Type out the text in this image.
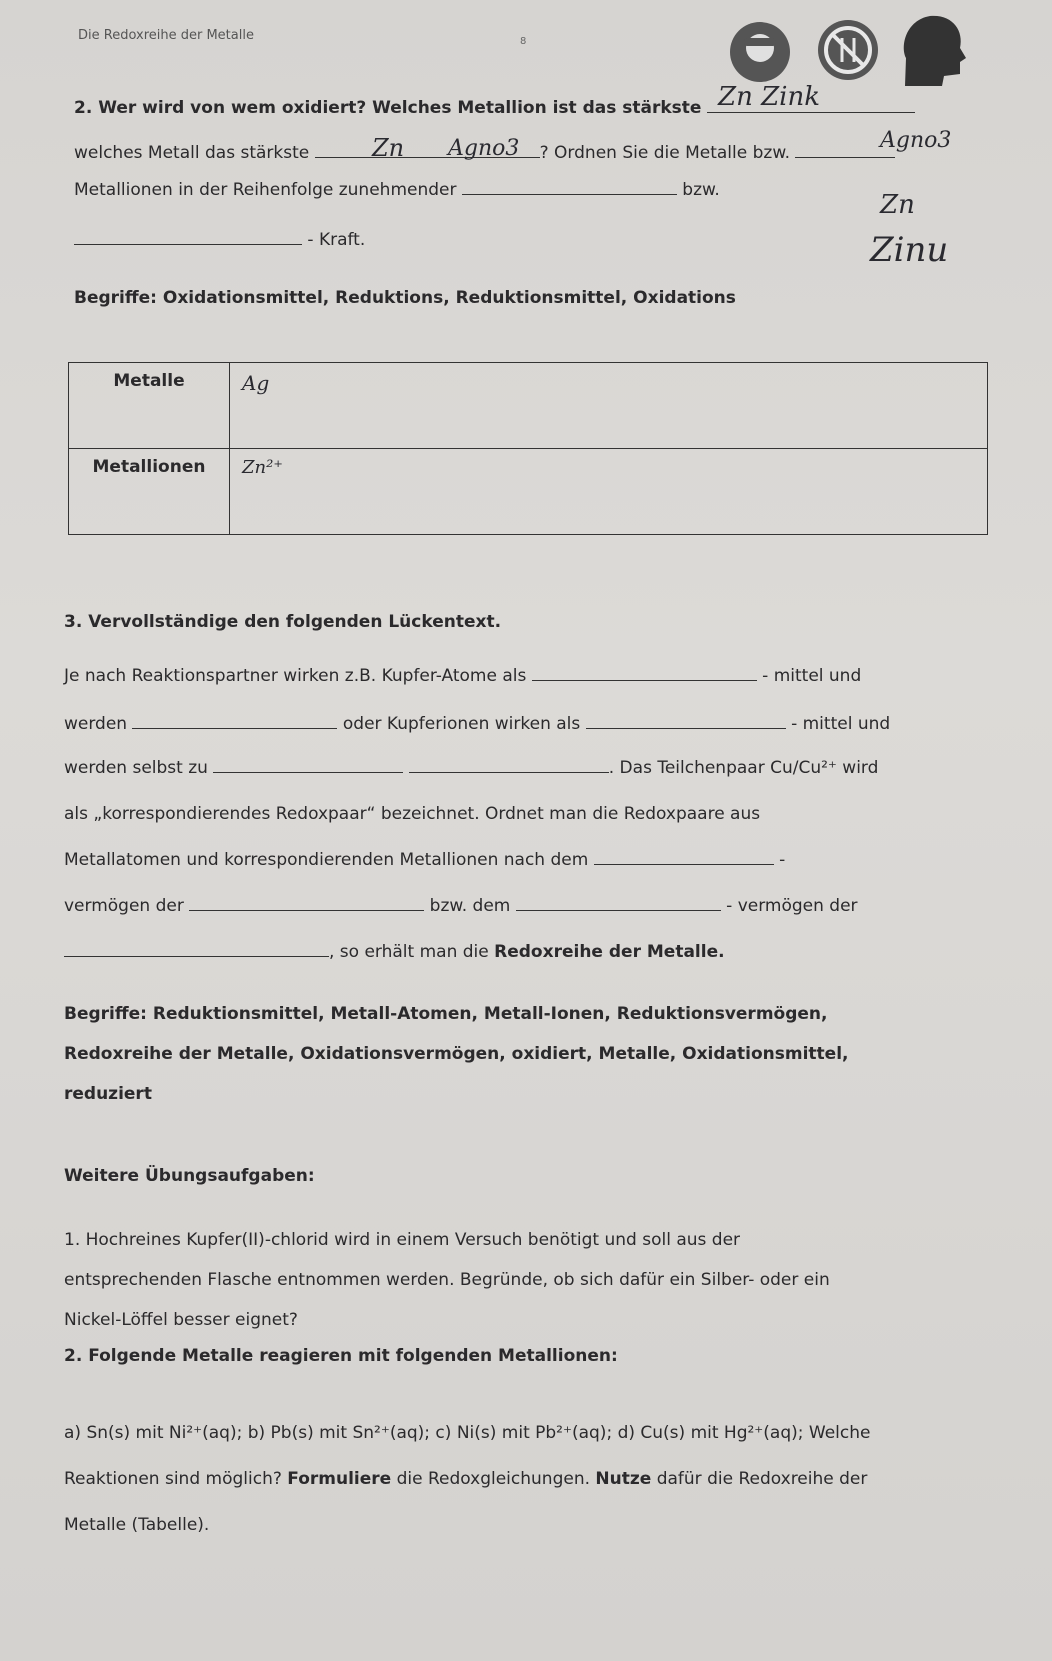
Die Redoxreihe der Metalle	8
2. Wer wird von wem oxidiert? Welches Metallion ist das stärkste
welches Metall das stärkste	? Ordnen Sie die Metalle bzw.
Metallionen in der Reihenfolge zunehmender	bzw.
- Kraft.
Begriffe: Oxidationsmittel, Reduktions, Reduktionsmittel, Oxidations
Zn Zink
Zn Agno3	Agno3
Zn
Zinu
Metalle	Ag
Metallionen	Zn²⁺
3. Vervollständige den folgenden Lückentext.
Je nach Reaktionspartner wirken z.B. Kupfer-Atome als	- mittel und
werden	oder Kupferionen wirken als	- mittel und
werden selbst zu	. Das Teilchenpaar Cu/Cu²⁺ wird
als „korrespondierendes Redoxpaar“ bezeichnet. Ordnet man die Redoxpaare aus
Metallatomen und korrespondierenden Metallionen nach dem	-
vermögen der	bzw. dem	- vermögen der
, so erhält man die Redoxreihe der Metalle.
Begriffe: Reduktionsmittel, Metall-Atomen, Metall-Ionen, Reduktionsvermögen,
Redoxreihe der Metalle, Oxidationsvermögen, oxidiert, Metalle, Oxidationsmittel,
reduziert
Weitere Übungsaufgaben:
1. Hochreines Kupfer(II)-chlorid wird in einem Versuch benötigt und soll aus der
entsprechenden Flasche entnommen werden. Begründe, ob sich dafür ein Silber- oder ein
Nickel-Löffel besser eignet?
2. Folgende Metalle reagieren mit folgenden Metallionen:
a) Sn(s) mit Ni²⁺(aq); b) Pb(s) mit Sn²⁺(aq); c) Ni(s) mit Pb²⁺(aq); d) Cu(s) mit Hg²⁺(aq); Welche
Reaktionen sind möglich? Formuliere die Redoxgleichungen. Nutze dafür die Redoxreihe der
Metalle (Tabelle).
